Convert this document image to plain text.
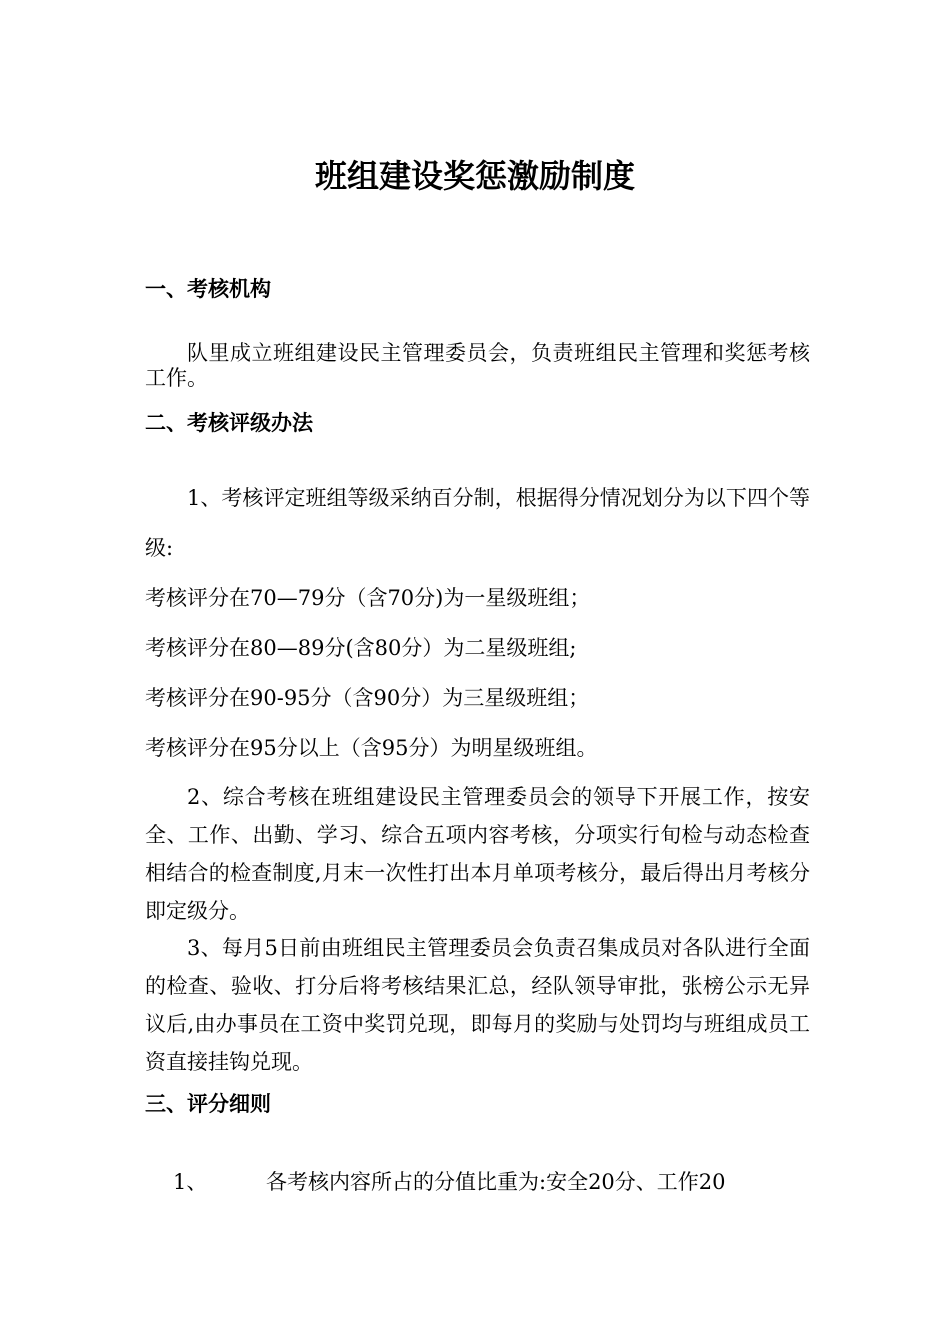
班组建设奖惩激励制度
一、考核机构

队里成立班组建设民主管理委员会，负责班组民主管理和奖惩考核工作。

二、考核评级办法

1、考核评定班组等级采纳百分制，根据得分情况划分为以下四个等级:

考核评分在70—79分（含70分)为一星级班组；

考核评分在80—89分(含80分）为二星级班组;

考核评分在90-95分（含90分）为三星级班组；

考核评分在95分以上（含95分）为明星级班组。

2、综合考核在班组建设民主管理委员会的领导下开展工作，按安全、工作、出勤、学习、综合五项内容考核，分项实行旬检与动态检查相结合的检查制度,月末一次性打出本月单项考核分，最后得出月考核分即定级分。

3、每月5日前由班组民主管理委员会负责召集成员对各队进行全面的检查、验收、打分后将考核结果汇总，经队领导审批，张榜公示无异议后,由办事员在工资中奖罚兑现，即每月的奖励与处罚均与班组成员工资直接挂钩兑现。

三、评分细则

1、	各考核内容所占的分值比重为:安全20分、工作20
